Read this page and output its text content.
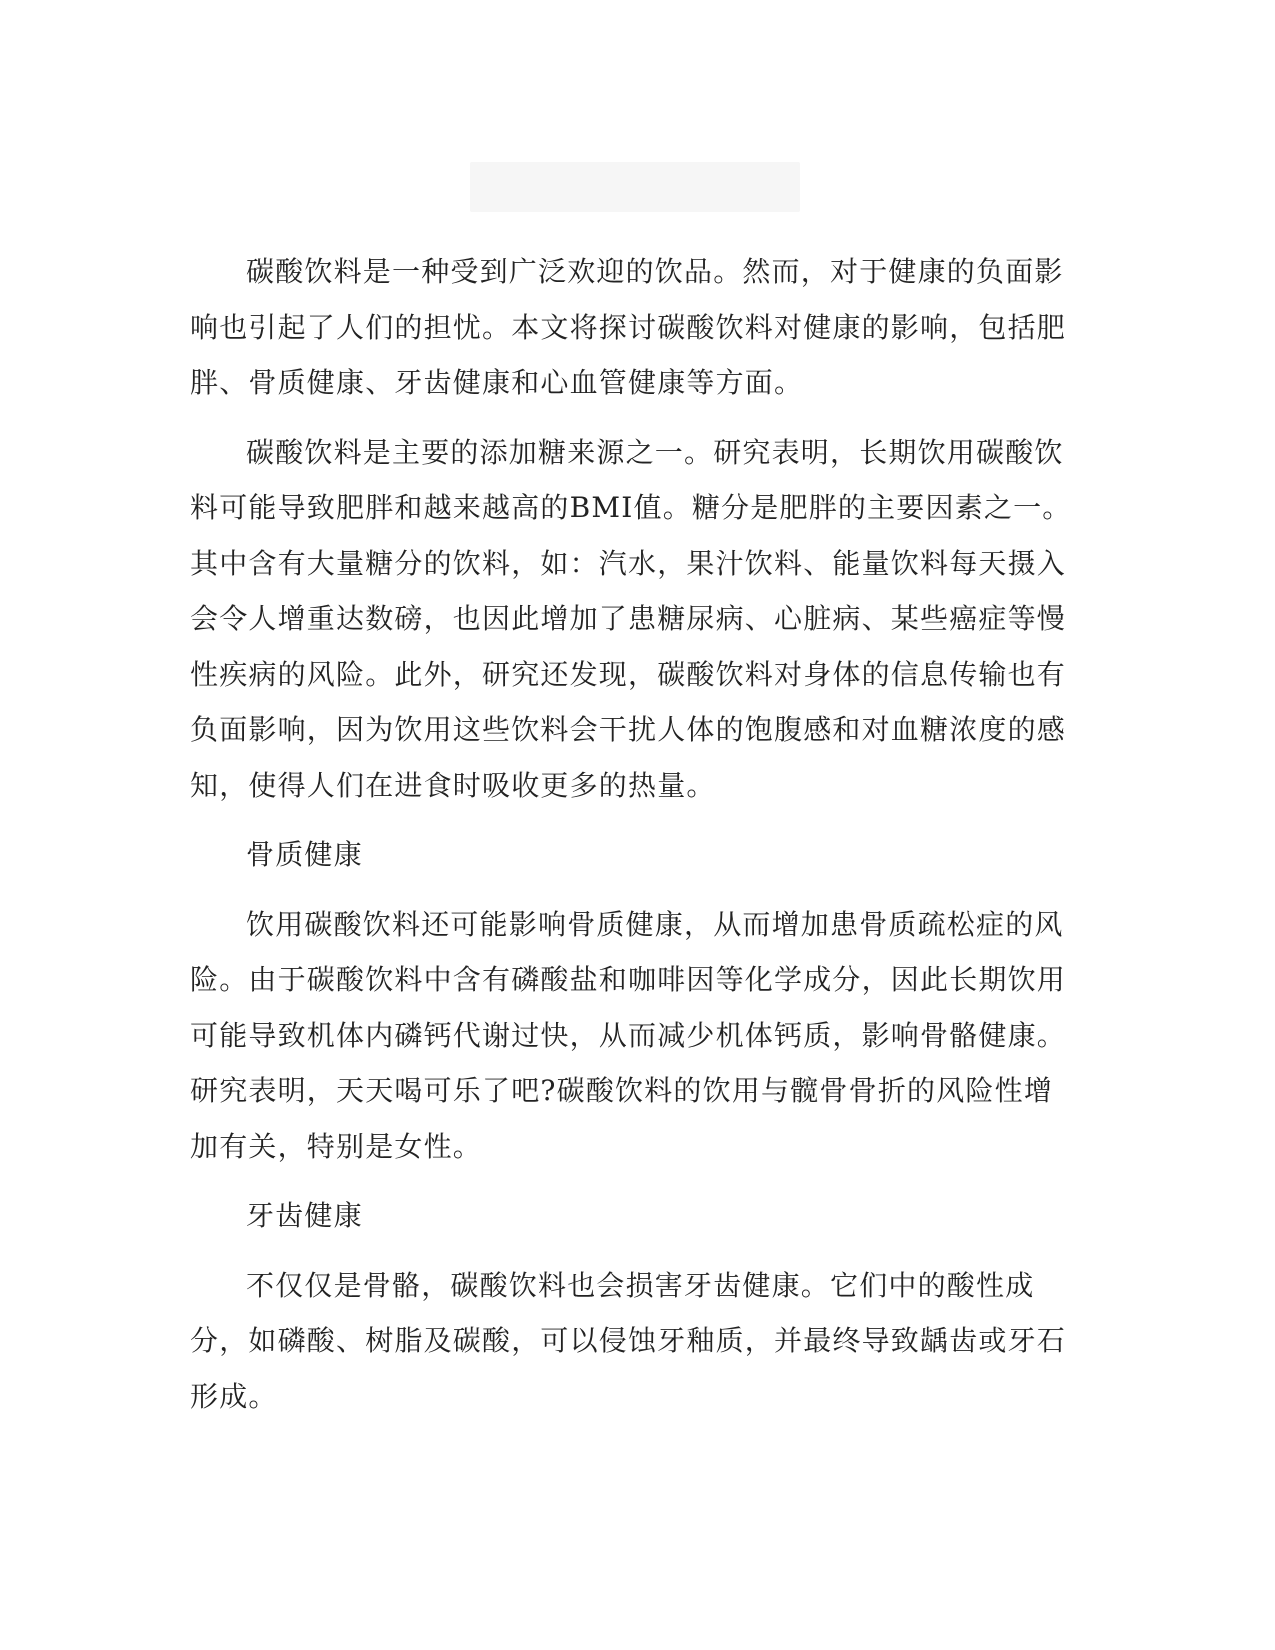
碳酸饮料是一种受到广泛欢迎的饮品。然而，对于健康的负面影响也引起了人们的担忧。本文将探讨碳酸饮料对健康的影响，包括肥胖、骨质健康、牙齿健康和心血管健康等方面。

碳酸饮料是主要的添加糖来源之一。研究表明，长期饮用碳酸饮料可能导致肥胖和越来越高的BMI值。糖分是肥胖的主要因素之一。其中含有大量糖分的饮料，如：汽水，果汁饮料、能量饮料每天摄入会令人增重达数磅，也因此增加了患糖尿病、心脏病、某些癌症等慢性疾病的风险。此外，研究还发现，碳酸饮料对身体的信息传输也有负面影响，因为饮用这些饮料会干扰人体的饱腹感和对血糖浓度的感知，使得人们在进食时吸收更多的热量。

骨质健康

饮用碳酸饮料还可能影响骨质健康，从而增加患骨质疏松症的风险。由于碳酸饮料中含有磷酸盐和咖啡因等化学成分，因此长期饮用可能导致机体内磷钙代谢过快，从而减少机体钙质，影响骨骼健康。研究表明，天天喝可乐了吧?碳酸饮料的饮用与髋骨骨折的风险性增加有关，特别是女性。

牙齿健康

不仅仅是骨骼，碳酸饮料也会损害牙齿健康。它们中的酸性成分，如磷酸、树脂及碳酸，可以侵蚀牙釉质，并最终导致龋齿或牙石形成。
